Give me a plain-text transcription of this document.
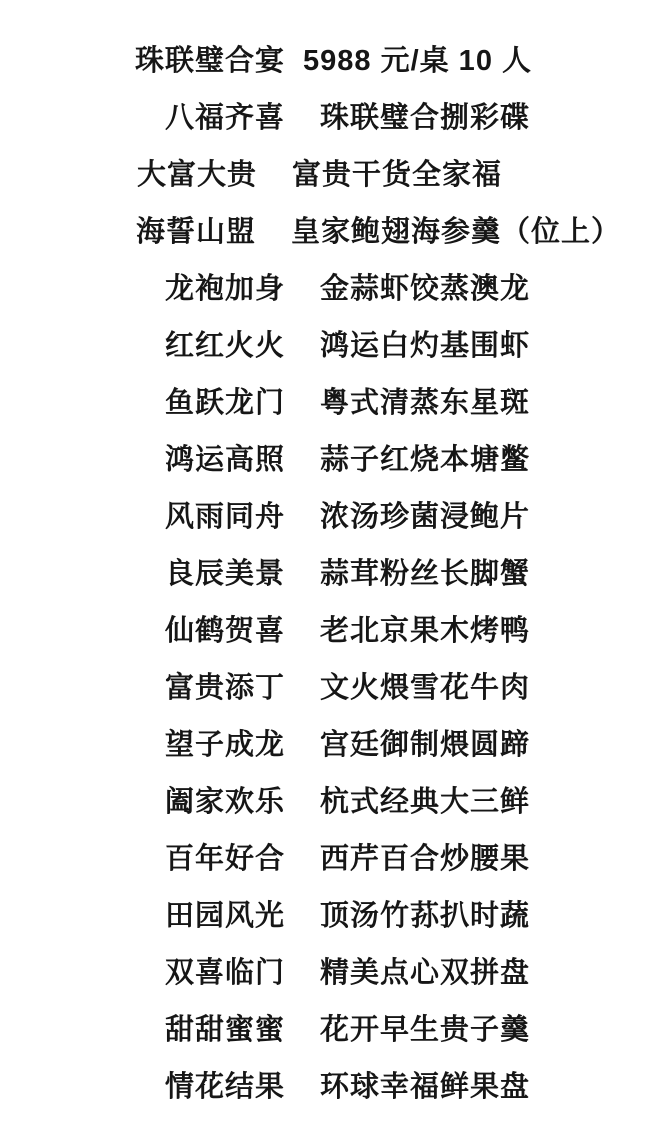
珠联璧合宴 5988 元/桌 10 人
八福齐喜 珠联璧合捌彩碟
大富大贵 富贵干货全家福
海誓山盟 皇家鲍翅海参羹（位上）
龙袍加身 金蒜虾饺蒸澳龙
红红火火 鸿运白灼基围虾
鱼跃龙门 粤式清蒸东星斑
鸿运高照 蒜子红烧本塘鳖
风雨同舟 浓汤珍菌浸鲍片
良辰美景 蒜茸粉丝长脚蟹
仙鹤贺喜 老北京果木烤鸭
富贵添丁 文火煨雪花牛肉
望子成龙 宫廷御制煨圆蹄
阖家欢乐 杭式经典大三鲜
百年好合 西芹百合炒腰果
田园风光 顶汤竹荪扒时蔬
双喜临门 精美点心双拼盘
甜甜蜜蜜 花开早生贵子羹
情花结果 环球幸福鲜果盘
